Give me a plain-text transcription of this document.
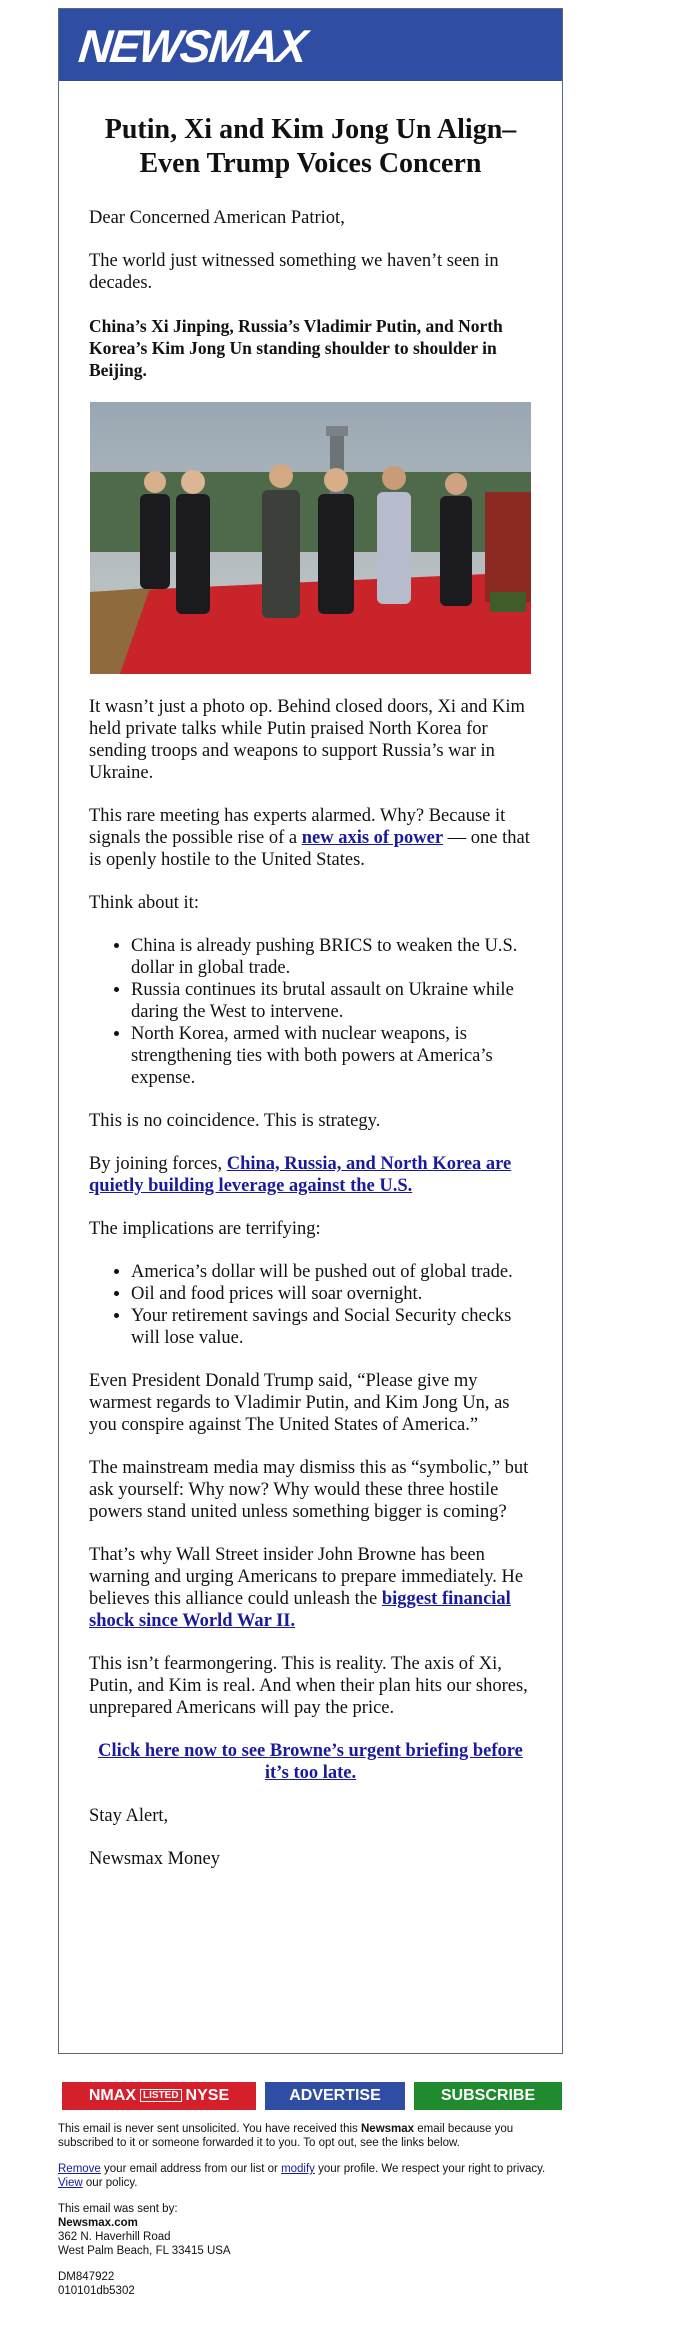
NEWSMAX
Putin, Xi and Kim Jong Un Align– Even Trump Voices Concern

Dear Concerned American Patriot,

The world just witnessed something we haven’t seen in decades.

China’s Xi Jinping, Russia’s Vladimir Putin, and North Korea’s Kim Jong Un standing shoulder to shoulder in Beijing.

It wasn’t just a photo op. Behind closed doors, Xi and Kim held private talks while Putin praised North Korea for sending troops and weapons to support Russia’s war in Ukraine.

This rare meeting has experts alarmed. Why? Because it signals the possible rise of a new axis of power — one that is openly hostile to the United States.

Think about it:

• China is already pushing BRICS to weaken the U.S. dollar in global trade.
• Russia continues its brutal assault on Ukraine while daring the West to intervene.
• North Korea, armed with nuclear weapons, is strengthening ties with both powers at America’s expense.

This is no coincidence. This is strategy.

By joining forces, China, Russia, and North Korea are quietly building leverage against the U.S.

The implications are terrifying:

• America’s dollar will be pushed out of global trade.
• Oil and food prices will soar overnight.
• Your retirement savings and Social Security checks will lose value.

Even President Donald Trump said, “Please give my warmest regards to Vladimir Putin, and Kim Jong Un, as you conspire against The United States of America.”

The mainstream media may dismiss this as “symbolic,” but ask yourself: Why now? Why would these three hostile powers stand united unless something bigger is coming?

That’s why Wall Street insider John Browne has been warning and urging Americans to prepare immediately. He believes this alliance could unleash the biggest financial shock since World War II.

This isn’t fearmongering. This is reality. The axis of Xi, Putin, and Kim is real. And when their plan hits our shores, unprepared Americans will pay the price.

Click here now to see Browne’s urgent briefing before it’s too late.

Stay Alert,

Newsmax Money

NMAX LISTED NYSE	ADVERTISE	SUBSCRIBE

This email is never sent unsolicited. You have received this Newsmax email because you subscribed to it or someone forwarded it to you. To opt out, see the links below.

Remove your email address from our list or modify your profile. We respect your right to privacy. View our policy.

This email was sent by:
Newsmax.com
362 N. Haverhill Road
West Palm Beach, FL 33415 USA

DM847922
010101db5302
